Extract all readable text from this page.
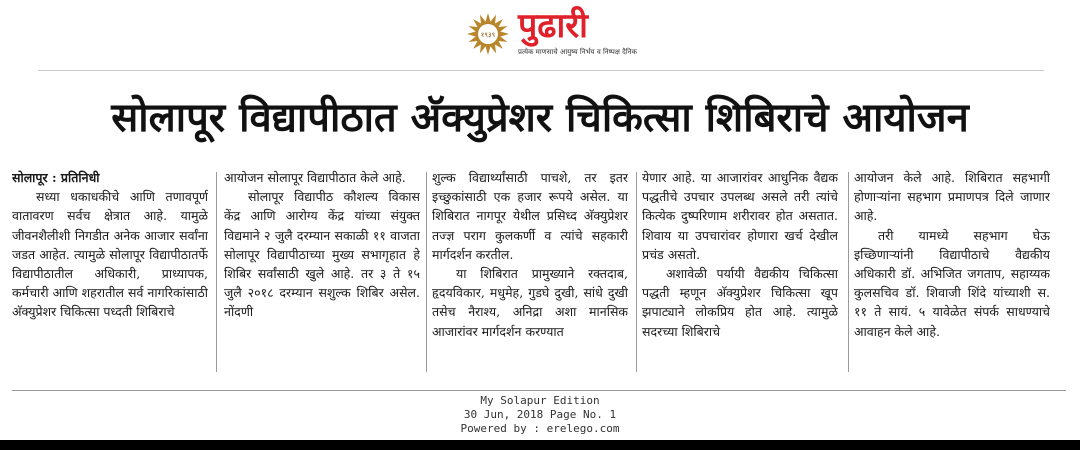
१९३९ पुढारी
प्रत्येक माणसाचे आयुष्य निर्भय व निष्पक्ष दैनिक
सोलापूर विद्यापीठात अ‍ॅक्युप्रेशर चिकित्सा शिबिराचे आयोजन

सोलापूर : प्रतिनिधी

सध्या धकाधकीचे आणि तणावपूर्ण वातावरण सर्वच क्षेत्रात आहे. यामुळे जीवनशैलीशी निगडीत अनेक आजार सर्वांना जडत आहेत. त्यामुळे सोलापूर विद्यापीठातर्फे विद्यापीठातील अधिकारी, प्राध्यापक, कर्मचारी आणि शहरातील सर्व नागरिकांसाठी अ‍ॅक्युप्रेशर चिकित्सा पध्दती शिबिराचे

आयोजन सोलापूर विद्यापीठात केले आहे.

सोलापूर विद्यापीठ कौशल्य विकास केंद्र आणि आरोग्य केंद्र यांच्या संयुक्त विद्यमाने २ जुलै दरम्यान सकाळी ११ वाजता सोलापूर विद्यापीठाच्या मुख्य सभागृहात हे शिबिर सर्वांसाठी खुले आहे. तर ३ ते १५ जुलै २०१८ दरम्यान सशुल्क शिबिर असेल. नोंदणी

शुल्क विद्यार्थ्यांसाठी पाचशे, तर इतर इच्छुकांसाठी एक हजार रूपये असेल. या शिबिरात नागपूर येथील प्रसिध्द अ‍ॅक्युप्रेशर तज्ज्ञ पराग कुलकर्णी व त्यांचे सहकारी मार्गदर्शन करतील.

या शिबिरात प्रामुख्याने रक्तदाब, हृदयविकार, मधुमेह, गुडघे दुखी, सांधे दुखी तसेच नैराश्य, अनिद्रा अशा मानसिक आजारांवर मार्गदर्शन करण्यात

येणार आहे. या आजारांवर आधुनिक वैद्यक पद्धतीचे उपचार उपलब्ध असले तरी त्यांचे कित्येक दुष्परिणाम शरीरावर होत असतात. शिवाय या उपचारांवर होणारा खर्च देखील प्रचंड असतो.

अशावेळी पर्यायी वैद्यकीय चिकित्सा पद्धती म्हणून अ‍ॅक्युप्रेशर चिकित्सा खूप झपाट्याने लोकप्रिय होत आहे. त्यामुळे सदरच्या शिबिराचे

आयोजन केले आहे. शिबिरात सहभागी होणाऱ्यांना सहभाग प्रमाणपत्र दिले जाणार आहे.

तरी यामध्ये सहभाग घेऊ इच्छिणाऱ्यांनी विद्यापीठाचे वैद्यकीय अधिकारी डॉ. अभिजित जगताप, सहाय्यक कुलसचिव डॉ. शिवाजी शिंदे यांच्याशी स. ११ ते सायं. ५ यावेळेत संपर्क साधण्याचे आवाहन केले आहे.

My Solapur Edition
30 Jun, 2018 Page No. 1
Powered by : erelego.com
